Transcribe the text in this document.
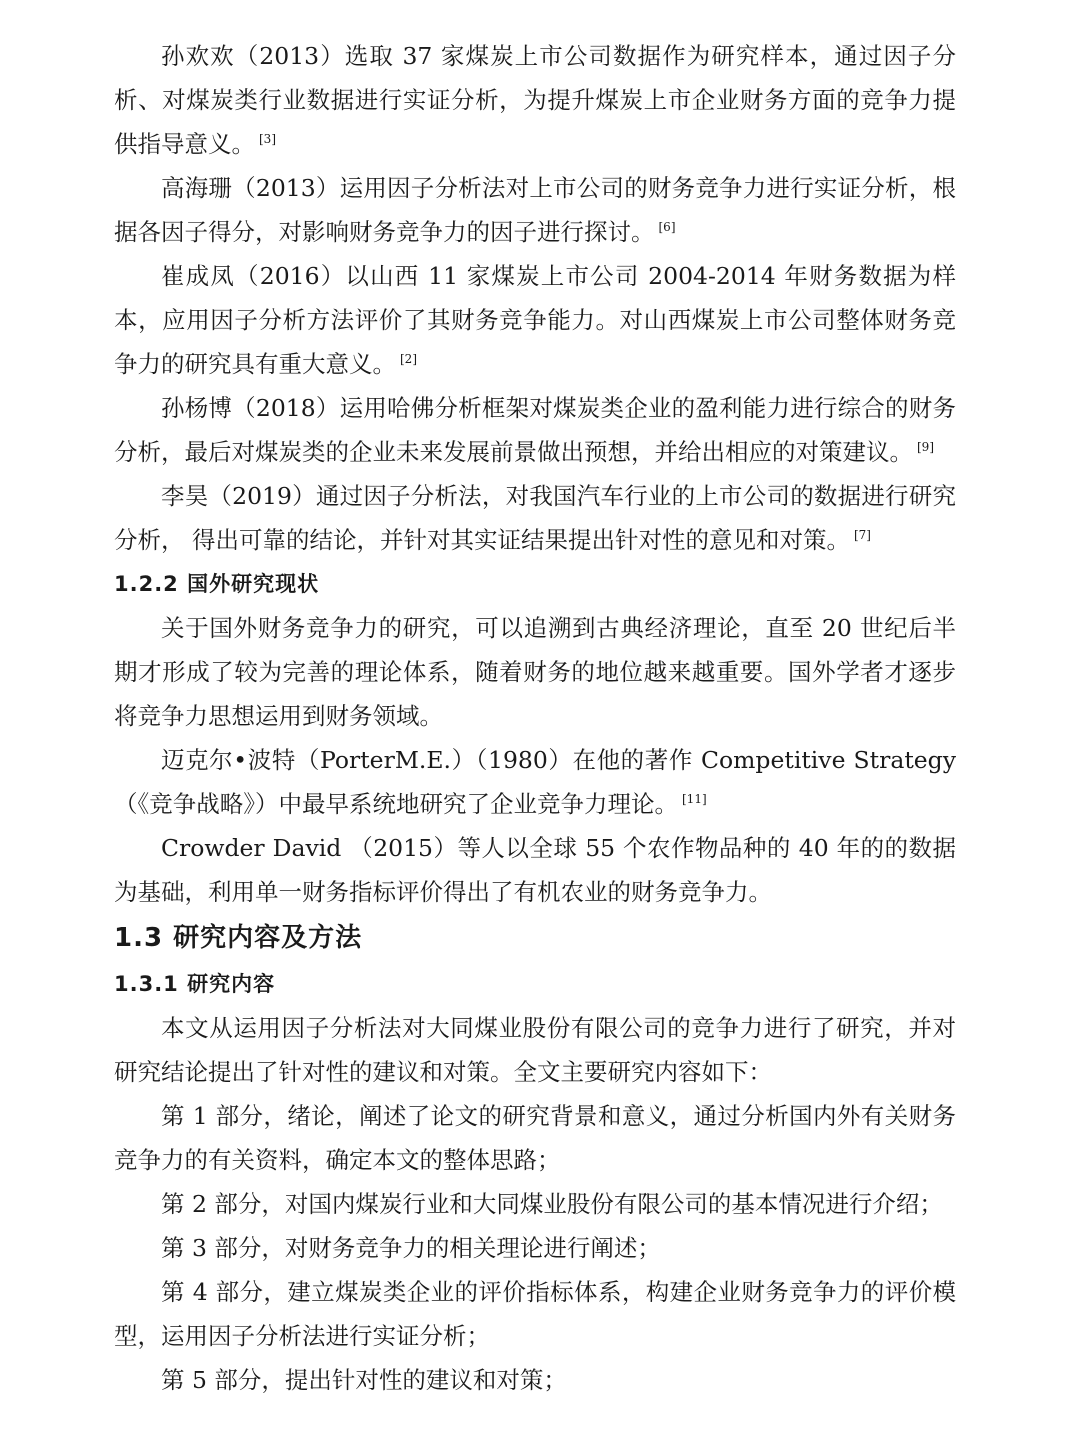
孙欢欢（2013）选取 37 家煤炭上市公司数据作为研究样本，通过因子分析、对煤炭类行业数据进行实证分析，为提升煤炭上市企业财务方面的竞争力提供指导意义。 [3]

高海珊（2013）运用因子分析法对上市公司的财务竞争力进行实证分析，根据各因子得分，对影响财务竞争力的因子进行探讨。 [6]

崔成凤（2016）以山西 11 家煤炭上市公司 2004-2014 年财务数据为样本，应用因子分析方法评价了其财务竞争能力。对山西煤炭上市公司整体财务竞争力的研究具有重大意义。 [2]

孙杨博（2018）运用哈佛分析框架对煤炭类企业的盈利能力进行综合的财务分析，最后对煤炭类的企业未来发展前景做出预想，并给出相应的对策建议。 [9]

李昊（2019）通过因子分析法，对我国汽车行业的上市公司的数据进行研究分析， 得出可靠的结论，并针对其实证结果提出针对性的意见和对策。 [7]

1.2.2 国外研究现状

关于国外财务竞争力的研究，可以追溯到古典经济理论，直至 20 世纪后半期才形成了较为完善的理论体系，随着财务的地位越来越重要。国外学者才逐步将竞争力思想运用到财务领域。

迈克尔•波特（PorterM.E.）（1980）在他的著作 Competitive Strategy（《竞争战略》）中最早系统地研究了企业竞争力理论。 [11]

Crowder David （2015）等人以全球 55 个农作物品种的 40 年的的数据为基础，利用单一财务指标评价得出了有机农业的财务竞争力。

1.3 研究内容及方法
1.3.1 研究内容

本文从运用因子分析法对大同煤业股份有限公司的竞争力进行了研究，并对研究结论提出了针对性的建议和对策。全文主要研究内容如下：

第 1 部分，绪论，阐述了论文的研究背景和意义，通过分析国内外有关财务竞争力的有关资料，确定本文的整体思路；

第 2 部分，对国内煤炭行业和大同煤业股份有限公司的基本情况进行介绍；

第 3 部分，对财务竞争力的相关理论进行阐述；

第 4 部分，建立煤炭类企业的评价指标体系，构建企业财务竞争力的评价模型，运用因子分析法进行实证分析；

第 5 部分，提出针对性的建议和对策；
